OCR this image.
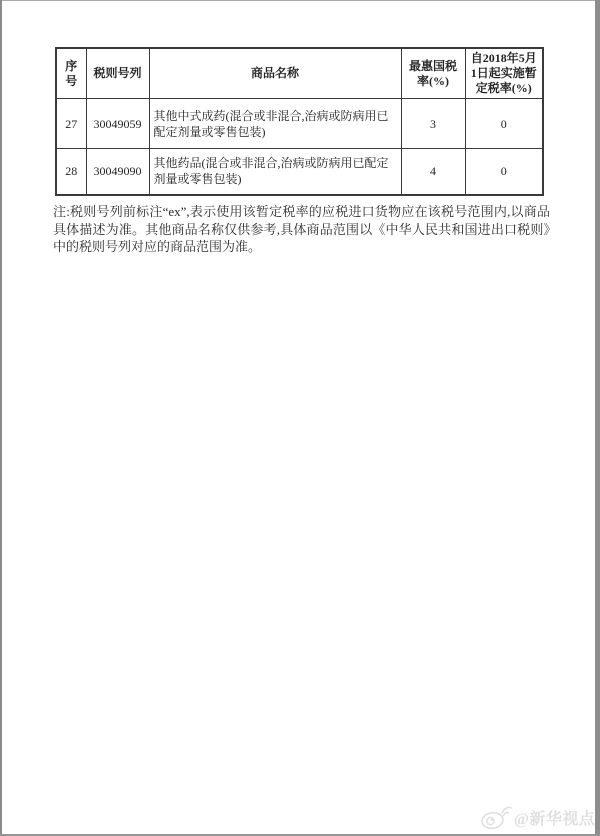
序号	税则号列	商品名称	最惠国税率(%)	自2018年5月1日起实施暂定税率(%)
27	30049059	其他中式成药(混合或非混合,治病或防病用已配定剂量或零售包装)	3	0
28	30049090	其他药品(混合或非混合,治病或防病用已配定剂量或零售包装)	4	0

注:税则号列前标注“ex”,表示使用该暂定税率的应税进口货物应在该税号范围内,以商品具体描述为准。其他商品名称仅供参考,具体商品范围以《中华人民共和国进出口税则》中的税则号列对应的商品范围为准。

@新华视点
